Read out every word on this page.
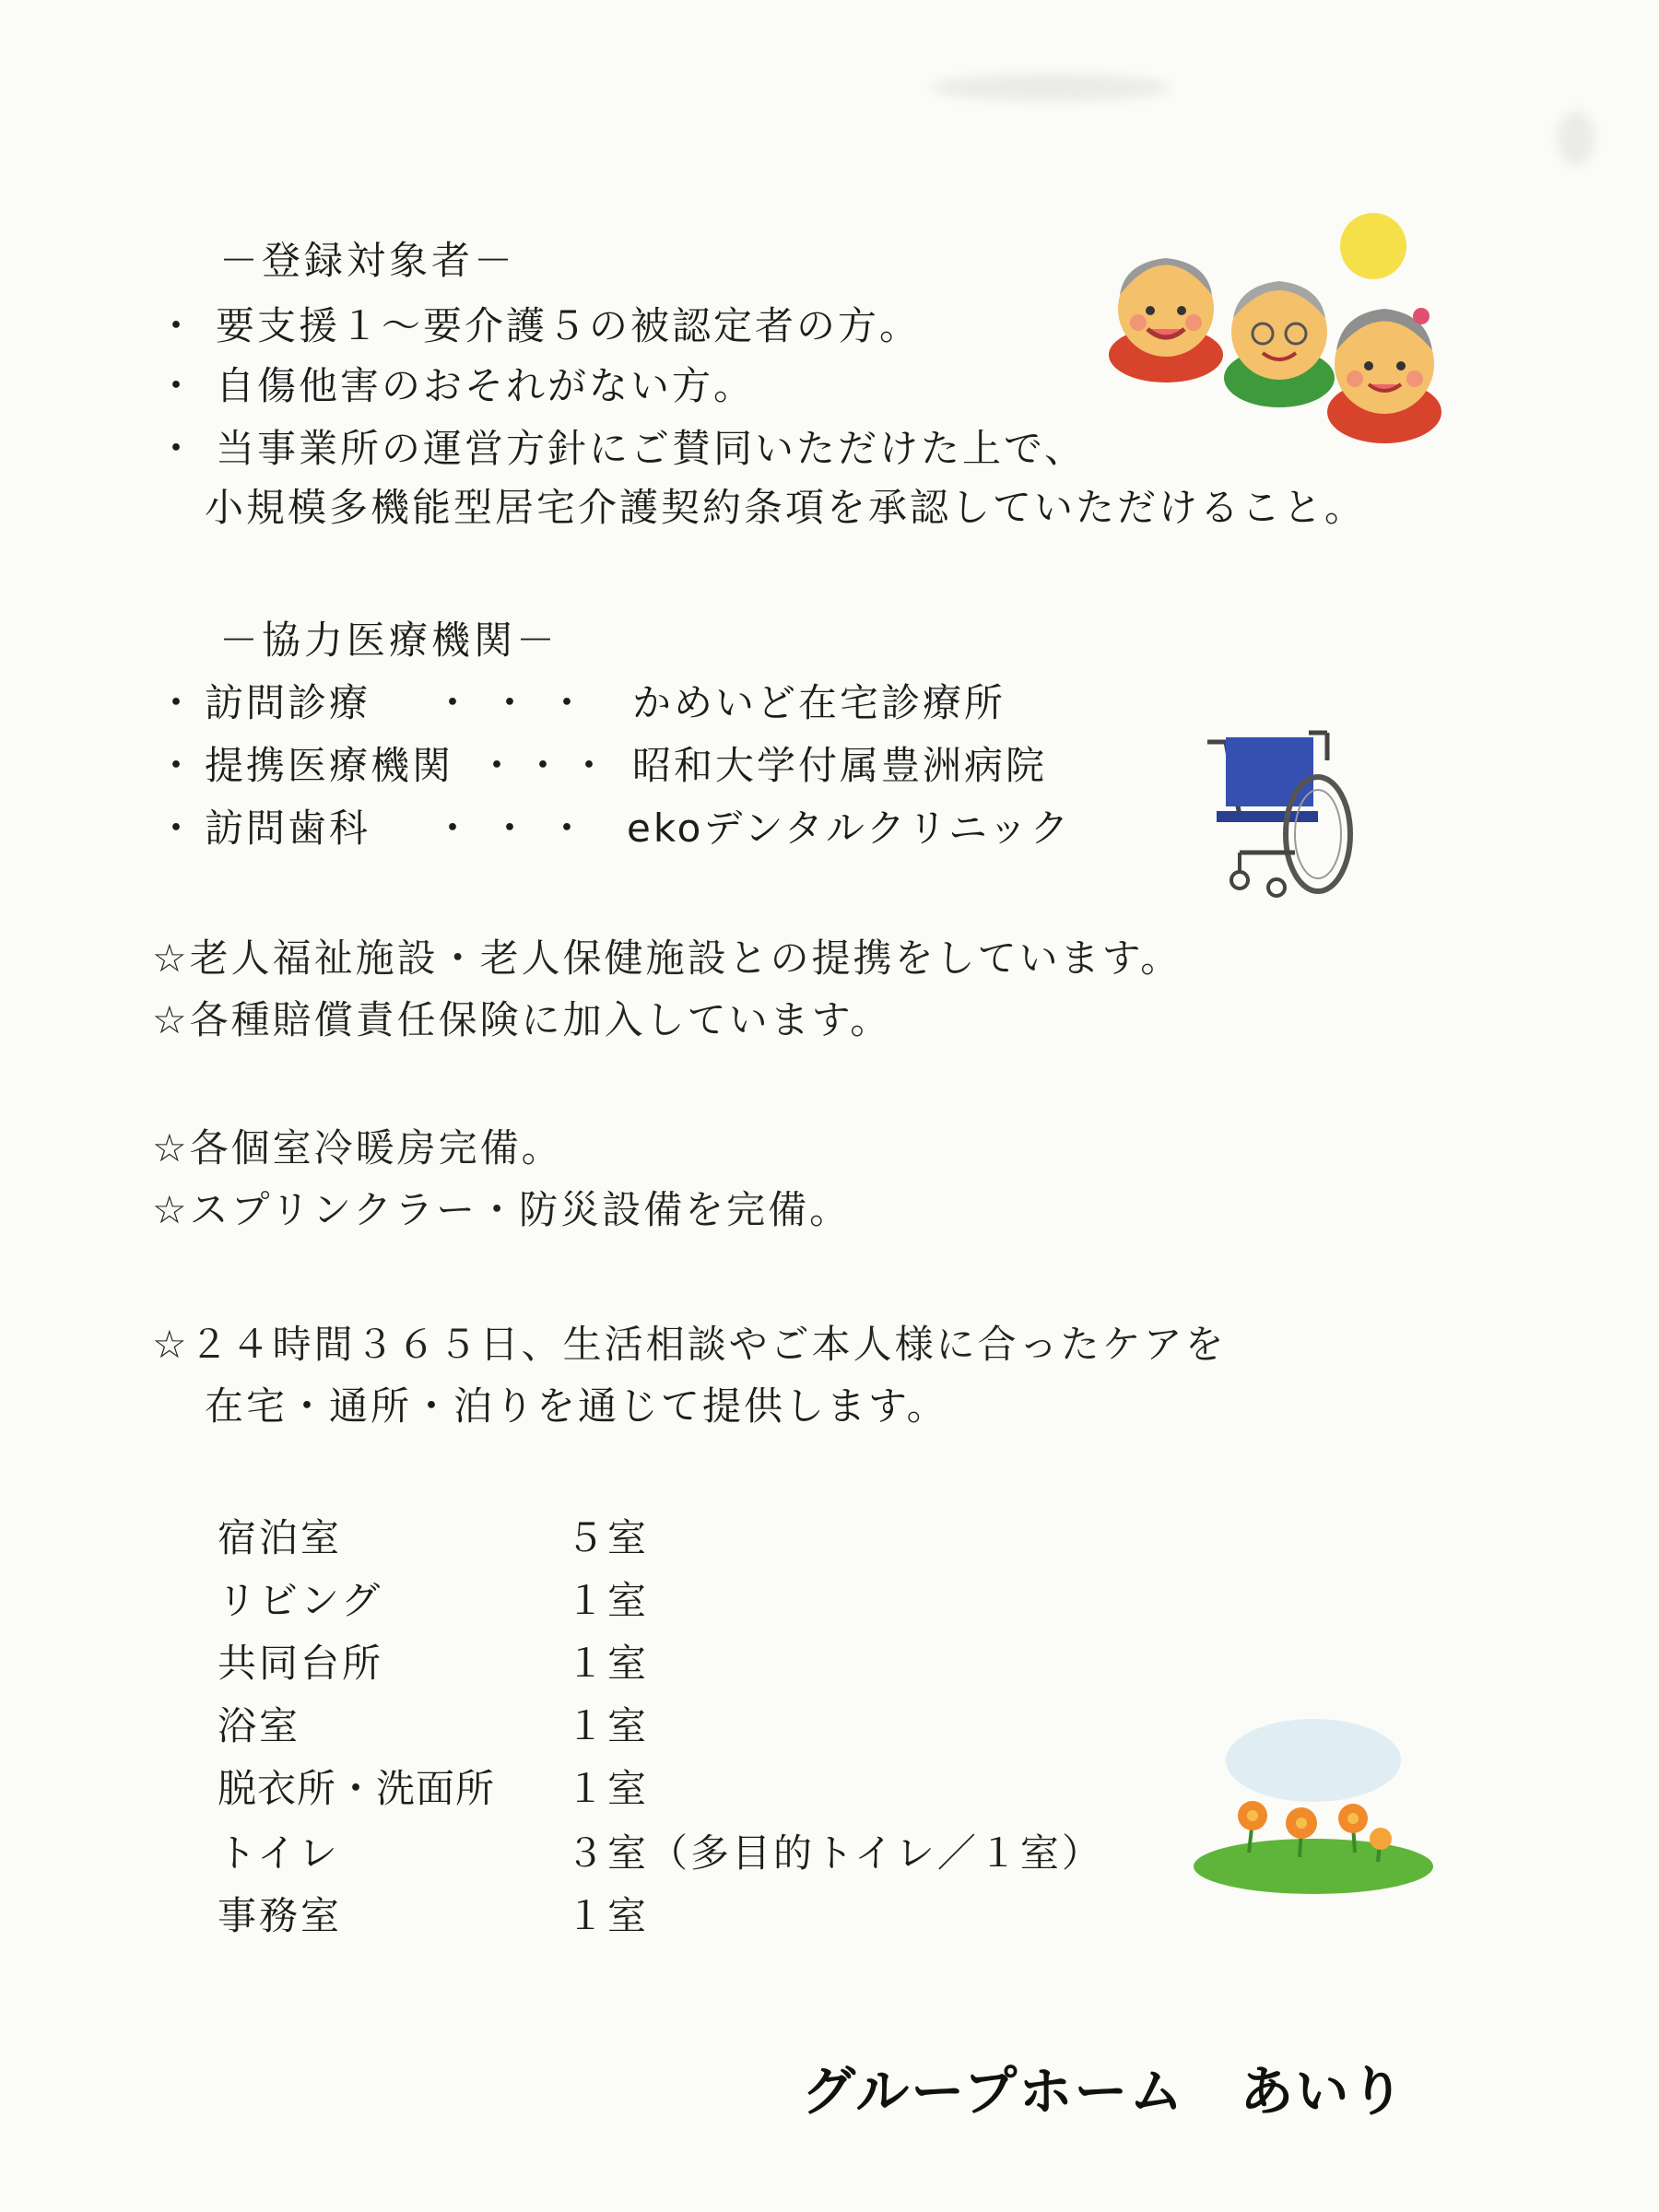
－登録対象者－
・ 要支援１～要介護５の被認定者の方。
・ 自傷他害のおそれがない方。
・ 当事業所の運営方針にご賛同いただけた上で、
小規模多機能型居宅介護契約条項を承認していただけること。
－協力医療機関－
・ 訪問診療 ・・・ かめいど在宅診療所
・ 提携医療機関 ・・・ 昭和大学付属豊洲病院
・ 訪問歯科 ・・・ ekoデンタルクリニック
☆老人福祉施設・老人保健施設との提携をしています。
☆各種賠償責任保険に加入しています。
☆各個室冷暖房完備。
☆スプリンクラー・防災設備を完備。
☆２４時間３６５日、生活相談やご本人様に合ったケアを
在宅・通所・泊りを通じて提供します。
宿泊室	５室
リビング	１室
共同台所	１室
浴室	１室
脱衣所・洗面所 １室
トイレ	３室（多目的トイレ／１室）
事務室	１室
グループホーム　あいり
